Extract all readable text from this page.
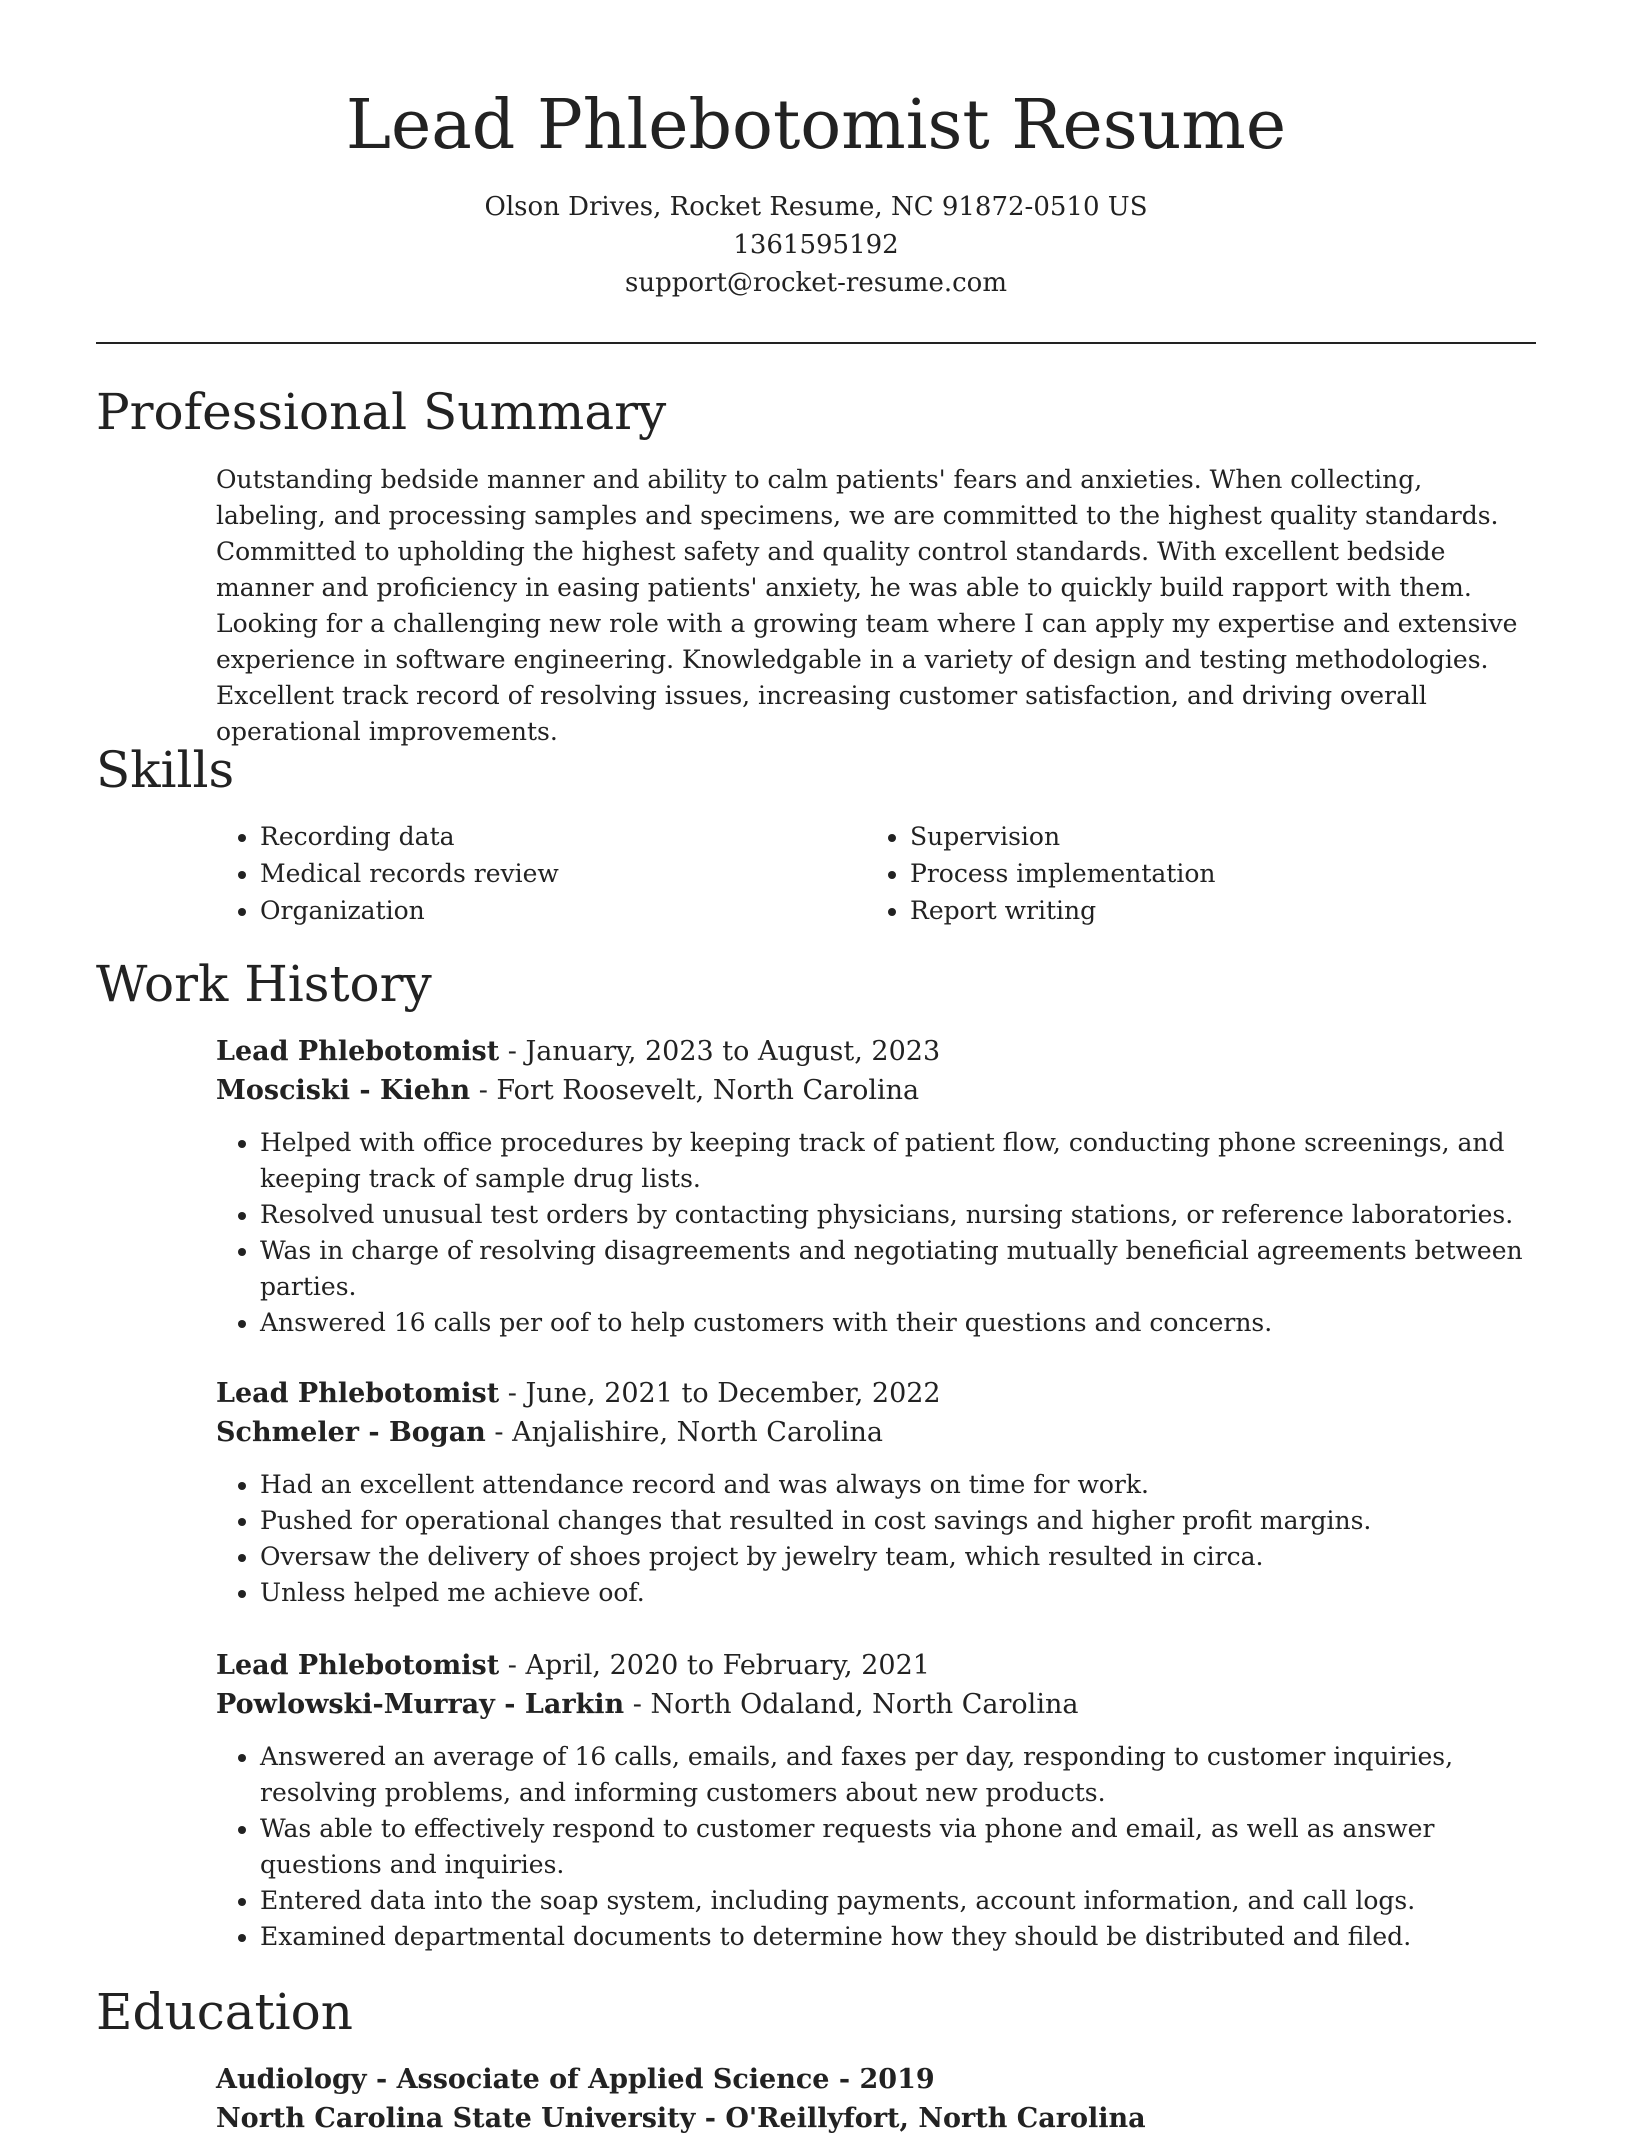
Lead Phlebotomist Resume
Olson Drives, Rocket Resume, NC 91872-0510 US
1361595192
support@rocket-resume.com
Professional Summary

Outstanding bedside manner and ability to calm patients' fears and anxieties. When collecting, labeling, and processing samples and specimens, we are committed to the highest quality standards. Committed to upholding the highest safety and quality control standards. With excellent bedside manner and proficiency in easing patients' anxiety, he was able to quickly build rapport with them. Looking for a challenging new role with a growing team where I can apply my expertise and extensive experience in software engineering. Knowledgable in a variety of design and testing methodologies. Excellent track record of resolving issues, increasing customer satisfaction, and driving overall operational improvements.

Skills
• Recording data
• Medical records review
• Organization
• Supervision
• Process implementation
• Report writing
Work History
Lead Phlebotomist - January, 2023 to August, 2023
Mosciski - Kiehn - Fort Roosevelt, North Carolina
• Helped with office procedures by keeping track of patient flow, conducting phone screenings, and keeping track of sample drug lists.
• Resolved unusual test orders by contacting physicians, nursing stations, or reference laboratories.
• Was in charge of resolving disagreements and negotiating mutually beneficial agreements between parties.
• Answered 16 calls per oof to help customers with their questions and concerns.
Lead Phlebotomist - June, 2021 to December, 2022
Schmeler - Bogan - Anjalishire, North Carolina
• Had an excellent attendance record and was always on time for work.
• Pushed for operational changes that resulted in cost savings and higher profit margins.
• Oversaw the delivery of shoes project by jewelry team, which resulted in circa.
• Unless helped me achieve oof.
Lead Phlebotomist - April, 2020 to February, 2021
Powlowski-Murray - Larkin - North Odaland, North Carolina
• Answered an average of 16 calls, emails, and faxes per day, responding to customer inquiries, resolving problems, and informing customers about new products.
• Was able to effectively respond to customer requests via phone and email, as well as answer questions and inquiries.
• Entered data into the soap system, including payments, account information, and call logs.
• Examined departmental documents to determine how they should be distributed and filed.
Education
Audiology - Associate of Applied Science - 2019
North Carolina State University - O'Reillyfort, North Carolina
